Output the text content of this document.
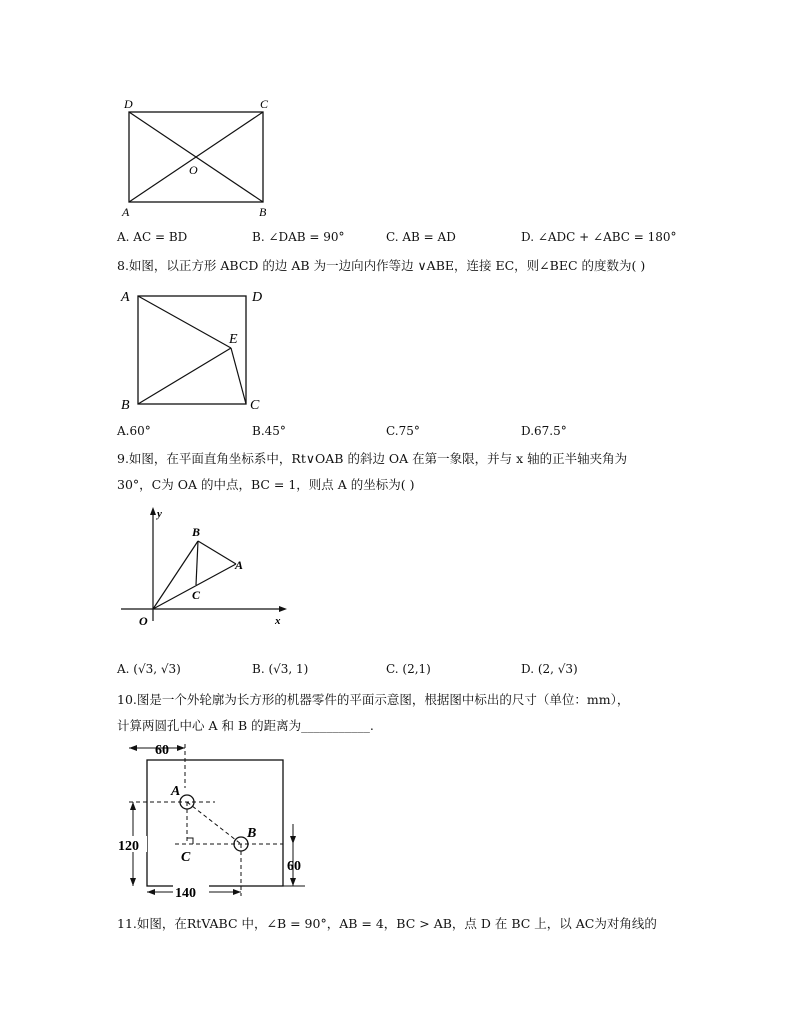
D	C
O
A	B
A. AC = BD	B. ∠DAB = 90°	C. AB = AD	D. ∠ADC + ∠ABC = 180°
8.如图，以正方形 ABCD 的边 AB 为一边向内作等边 ∨ABE，连接 EC，则∠BEC 的度数为( )
A	D
E
B	C
A.60°	B.45°	C.75°	D.67.5°
9.如图，在平面直角坐标系中，Rt∨OAB 的斜边 OA 在第一象限，并与 x 轴的正半轴夹角为
30°，C为 OA 的中点，BC = 1，则点 A 的坐标为( )
y
B
A
C
O	x
A. (√3, √3)	B. (√3, 1)	C. (2,1)	D. (2, √3)
10.图是一个外轮廓为长方形的机器零件的平面示意图，根据图中标出的尺寸（单位：mm），
计算两圆孔中心 A 和 B 的距离为___________.
60
120
60
140
A
B
C
11.如图，在RtVABC 中，∠B = 90°，AB = 4，BC > AB，点 D 在 BC 上，以 AC为对角线的
